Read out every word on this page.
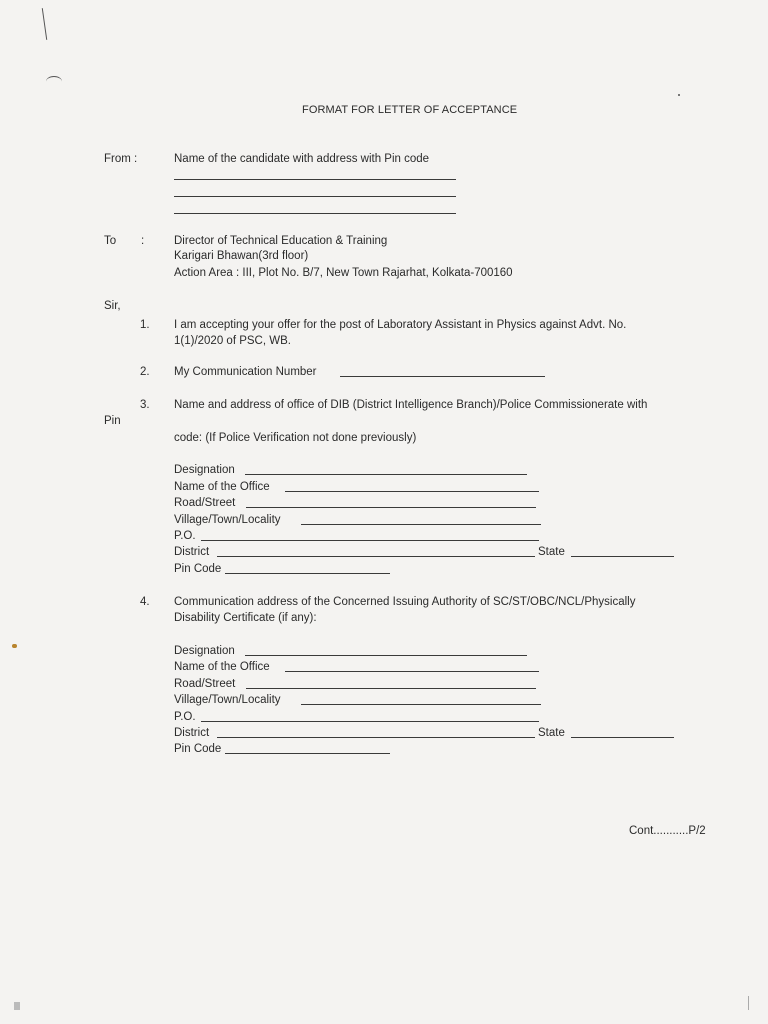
FORMAT FOR LETTER OF ACCEPTANCE
From :	Name of the candidate with address with Pin code
To :	Director of Technical Education & Training
Karigari Bhawan(3rd floor)
Action Area : III, Plot No. B/7, New Town Rajarhat, Kolkata-700160
Sir,
1. I am accepting your offer for the post of Laboratory Assistant in Physics against Advt. No.
1(1)/2020 of PSC, WB.
2. My Communication Number
3. Name and address of office of DIB (District Intelligence Branch)/Police Commissionerate with
Pin
code: (If Police Verification not done previously)
Designation
Name of the Office
Road/Street
Village/Town/Locality
P.O.
District	State
Pin Code
4. Communication address of the Concerned Issuing Authority of SC/ST/OBC/NCL/Physically
Disability Certificate (if any):
Designation
Name of the Office
Road/Street
Village/Town/Locality
P.O.
District	State
Pin Code
Cont...........P/2
